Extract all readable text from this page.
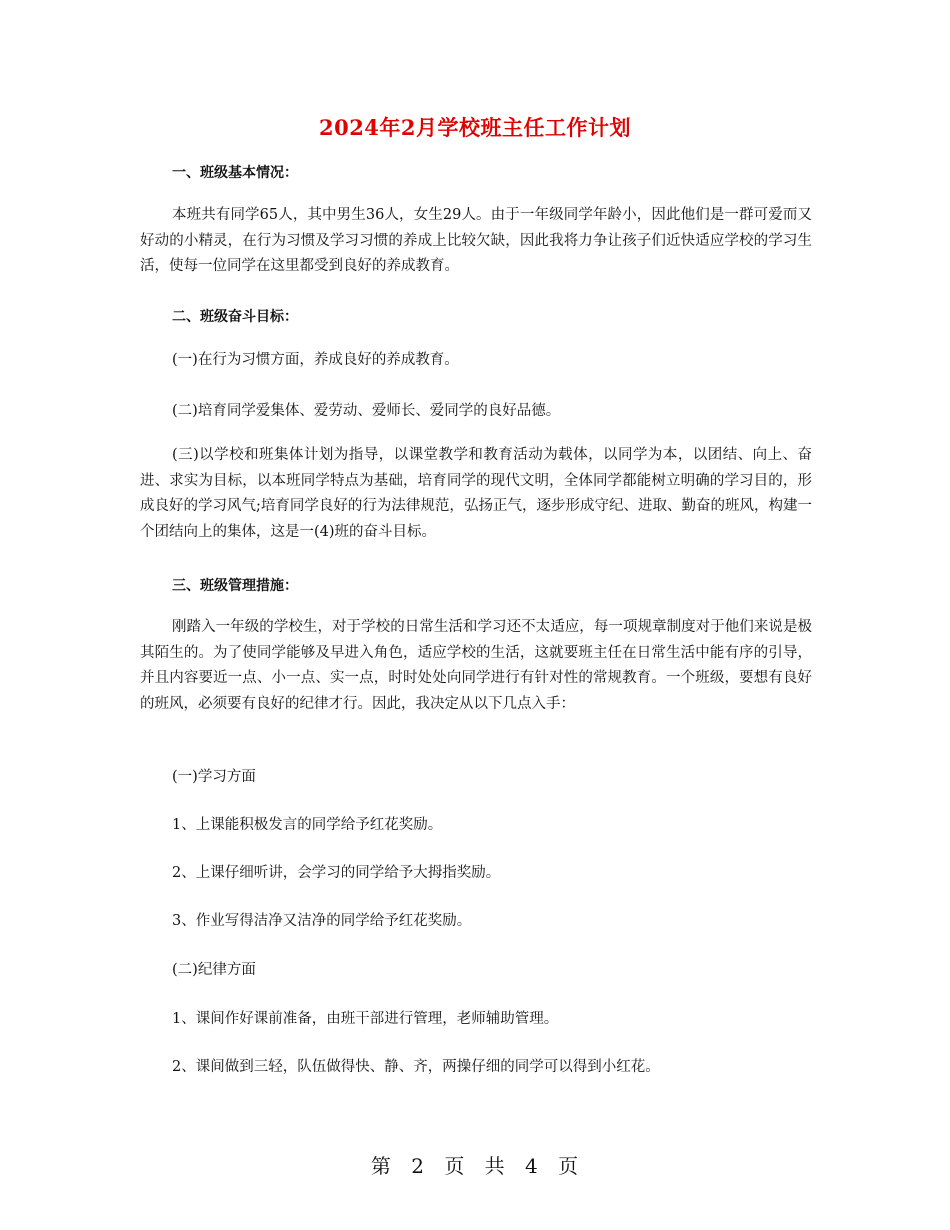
2024年2月学校班主任工作计划
一、班级基本情况：
本班共有同学65人，其中男生36人，女生29人。由于一年级同学年龄小，因此他们是一群可爱而又好动的小精灵，在行为习惯及学习习惯的养成上比较欠缺，因此我将力争让孩子们近快适应学校的学习生活，使每一位同学在这里都受到良好的养成教育。
二、班级奋斗目标：
(一)在行为习惯方面，养成良好的养成教育。
(二)培育同学爱集体、爱劳动、爱师长、爱同学的良好品德。
(三)以学校和班集体计划为指导，以课堂教学和教育活动为载体，以同学为本，以团结、向上、奋进、求实为目标，以本班同学特点为基础，培育同学的现代文明，全体同学都能树立明确的学习目的，形成良好的学习风气;培育同学良好的行为法律规范，弘扬正气，逐步形成守纪、进取、勤奋的班风，构建一个团结向上的集体，这是一(4)班的奋斗目标。
三、班级管理措施：
刚踏入一年级的学校生，对于学校的日常生活和学习还不太适应，每一项规章制度对于他们来说是极其陌生的。为了使同学能够及早进入角色，适应学校的生活，这就要班主任在日常生活中能有序的引导，并且内容要近一点、小一点、实一点，时时处处向同学进行有针对性的常规教育。一个班级，要想有良好的班风，必须要有良好的纪律才行。因此，我决定从以下几点入手：
(一)学习方面
1、上课能积极发言的同学给予红花奖励。
2、上课仔细听讲，会学习的同学给予大拇指奖励。
3、作业写得洁净又洁净的同学给予红花奖励。
(二)纪律方面
1、课间作好课前准备，由班干部进行管理，老师辅助管理。
2、课间做到三轻，队伍做得快、静、齐，两操仔细的同学可以得到小红花。
第 2 页 共 4 页
